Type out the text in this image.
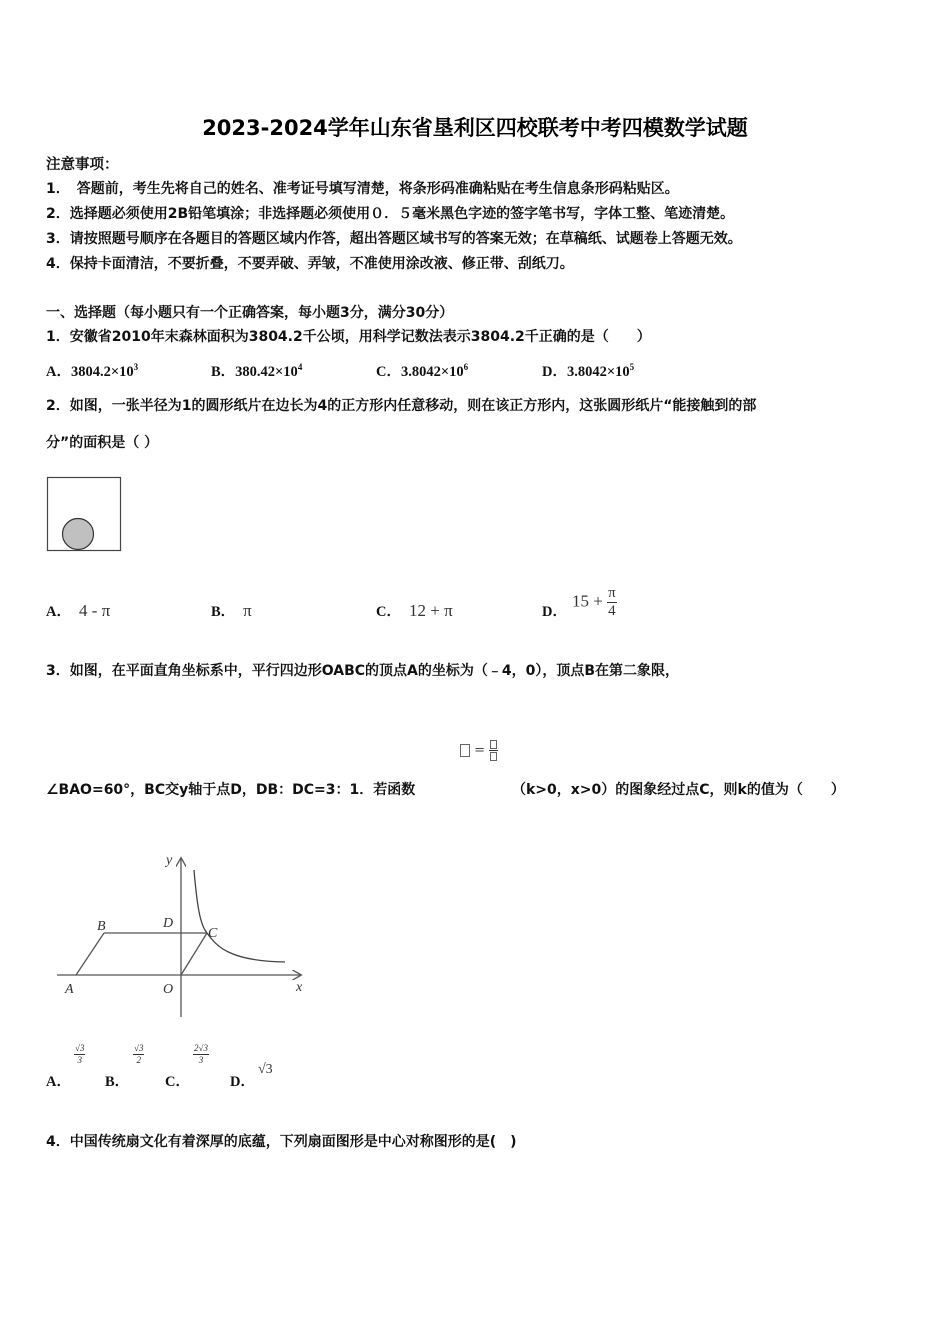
2023-2024学年山东省垦利区四校联考中考四模数学试题
注意事项：
1．　答题前，考生先将自己的姓名、准考证号填写清楚，将条形码准确粘贴在考生信息条形码粘贴区。
2．选择题必须使用2B铅笔填涂；非选择题必须使用０．５毫米黑色字迹的签字笔书写，字体工整、笔迹清楚。
3．请按照题号顺序在各题目的答题区域内作答，超出答题区域书写的答案无效；在草稿纸、试题卷上答题无效。
4．保持卡面清洁，不要折叠，不要弄破、弄皱，不准使用涂改液、修正带、刮纸刀。
一、选择题（每小题只有一个正确答案，每小题3分，满分30分）
1．安徽省2010年末森林面积为3804.2千公顷，用科学记数法表示3804.2千正确的是（　　）
A．$3804.2\times 10^3$	B．$380.42\times 10^4$	C．$3.8042\times 10^6$	D．$3.8042\times 10^5$
2．如图，一张半径为1的圆形纸片在边长为4的正方形内任意移动，则在该正方形内，这张圆形纸片“能接触到的部
分”的面积是（ ）
A． 4 - π	B． π	C． 12 + π	D．
$15 + \frac{\pi}{4}$
3．如图，在平面直角坐标系中，平行四边形OABC的顶点A的坐标为（﹣4，0），顶点B在第二象限，
=
∠BAO=60°，BC交y轴于点D，DB：DC=3：1．若函数	（k>0，x>0）的图象经过点C，则k的值为（　　）
y
x
A
B	C
D
O
A．
$\frac{√3}{3}$
B．
$\frac{√3}{2}$
C．
$\frac{2√3}{3}$
D．
√3
4．中国传统扇文化有着深厚的底蕴，下列扇面图形是中心对称图形的是(　)
